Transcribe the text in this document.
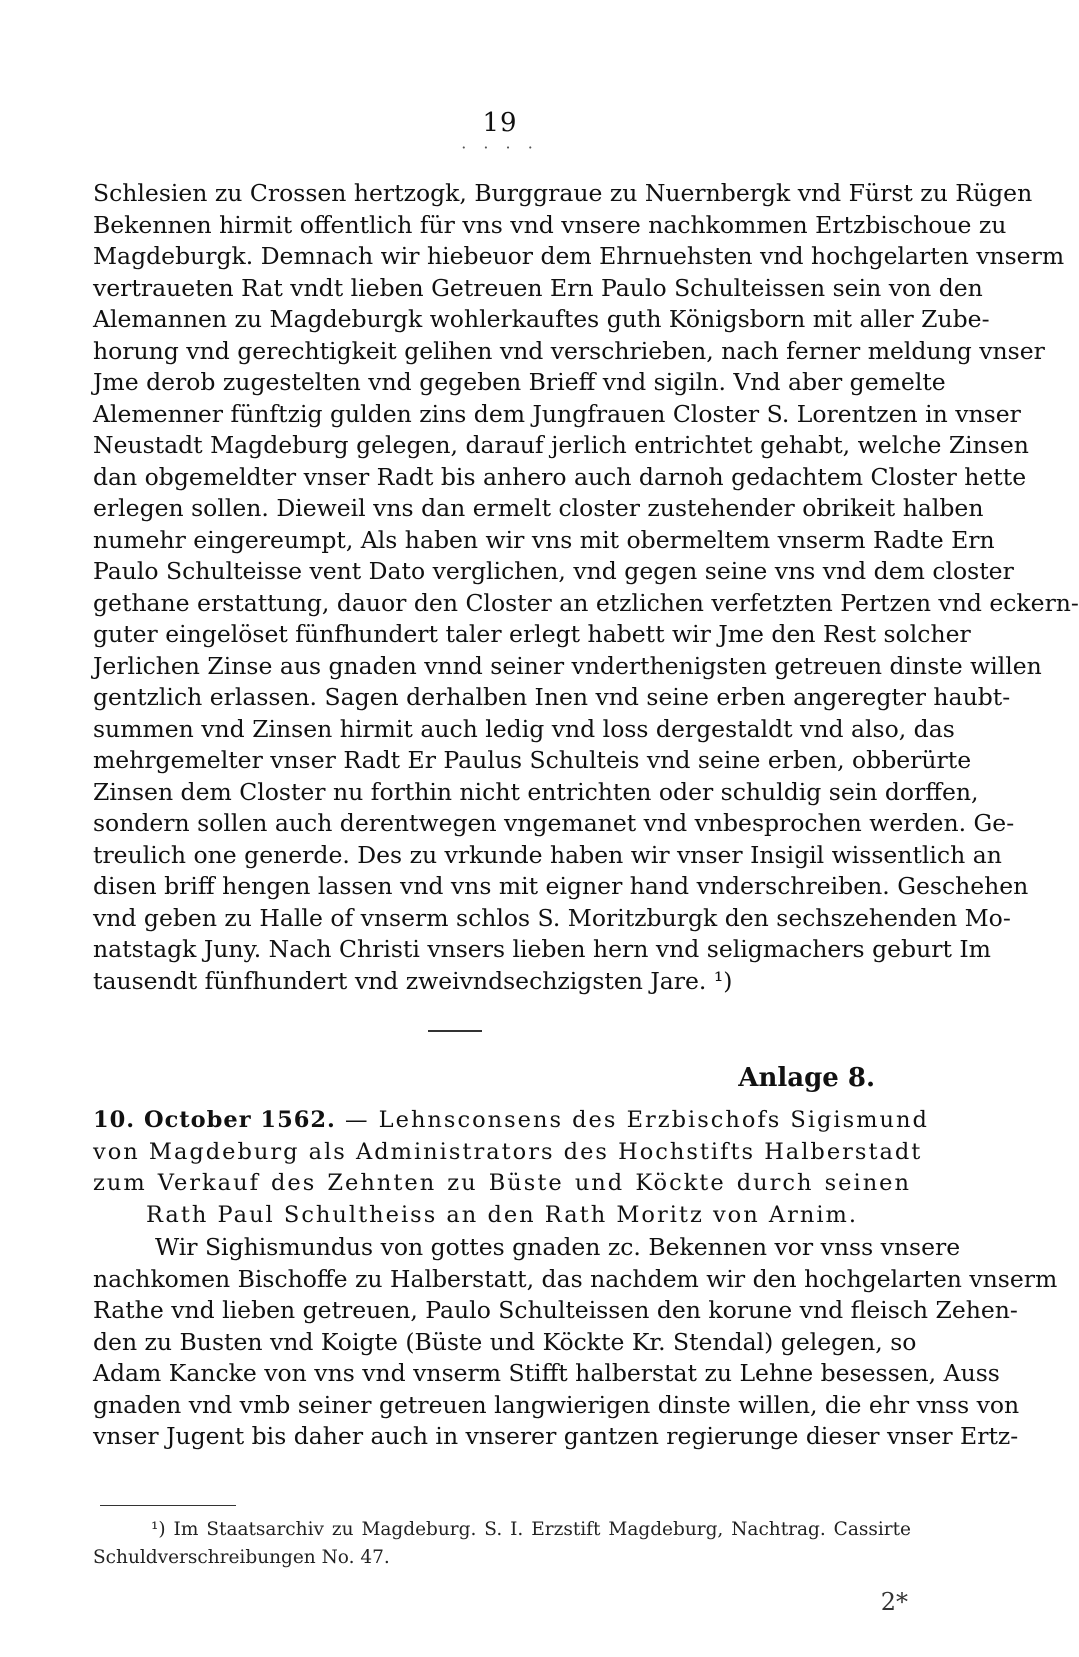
19
· · · ·
Schlesien zu Crossen hertzogk, Burggraue zu Nuernbergk vnd Fürst zu Rügen
Bekennen hirmit offentlich für vns vnd vnsere nachkommen Ertzbischoue zu
Magdeburgk. Demnach wir hiebeuor dem Ehrnuehsten vnd hochgelarten vnserm
vertraueten Rat vndt lieben Getreuen Ern Paulo Schulteissen sein von den
Alemannen zu Magdeburgk wohlerkauftes guth Königsborn mit aller Zube-
horung vnd gerechtigkeit gelihen vnd verschrieben, nach ferner meldung vnser
Jme derob zugestelten vnd gegeben Brieff vnd sigiln. Vnd aber gemelte
Alemenner fünftzig gulden zins dem Jungfrauen Closter S. Lorentzen in vnser
Neustadt Magdeburg gelegen, darauf jerlich entrichtet gehabt, welche Zinsen
dan obgemeldter vnser Radt bis anhero auch darnoh gedachtem Closter hette
erlegen sollen. Dieweil vns dan ermelt closter zustehender obrikeit halben
numehr eingereumpt, Als haben wir vns mit obermeltem vnserm Radte Ern
Paulo Schulteisse vent Dato verglichen, vnd gegen seine vns vnd dem closter
gethane erstattung, dauor den Closter an etzlichen verfetzten Pertzen vnd eckern-
guter eingelöset fünfhundert taler erlegt habett wir Jme den Rest solcher
Jerlichen Zinse aus gnaden vnnd seiner vnderthenigsten getreuen dinste willen
gentzlich erlassen. Sagen derhalben Inen vnd seine erben angeregter haubt-
summen vnd Zinsen hirmit auch ledig vnd loss dergestaldt vnd also, das
mehrgemelter vnser Radt Er Paulus Schulteis vnd seine erben, obberürte
Zinsen dem Closter nu forthin nicht entrichten oder schuldig sein dorffen,
sondern sollen auch derentwegen vngemanet vnd vnbesprochen werden. Ge-
treulich one generde. Des zu vrkunde haben wir vnser Insigil wissentlich an
disen briff hengen lassen vnd vns mit eigner hand vnderschreiben. Geschehen
vnd geben zu Halle of vnserm schlos S. Moritzburgk den sechszehenden Mo-
natstagk Juny. Nach Christi vnsers lieben hern vnd seligmachers geburt Im
tausendt fünfhundert vnd zweivndsechzigsten Jare. ¹)
Anlage 8.
10. October 1562. — Lehnsconsens des Erzbischofs Sigismund
von Magdeburg als Administrators des Hochstifts Halberstadt
zum Verkauf des Zehnten zu Büste und Köckte durch seinen
Rath Paul Schultheiss an den Rath Moritz von Arnim.
Wir Sighismundus von gottes gnaden zc. Bekennen vor vnss vnsere
nachkomen Bischoffe zu Halberstatt, das nachdem wir den hochgelarten vnserm
Rathe vnd lieben getreuen, Paulo Schulteissen den korune vnd fleisch Zehen-
den zu Busten vnd Koigte (Büste und Köckte Kr. Stendal) gelegen, so
Adam Kancke von vns vnd vnserm Stifft halberstat zu Lehne besessen, Auss
gnaden vnd vmb seiner getreuen langwierigen dinste willen, die ehr vnss von
vnser Jugent bis daher auch in vnserer gantzen regierunge dieser vnser Ertz-
¹) Im Staatsarchiv zu Magdeburg. S. I. Erzstift Magdeburg, Nachtrag. Cassirte
Schuldverschreibungen No. 47.
2*
